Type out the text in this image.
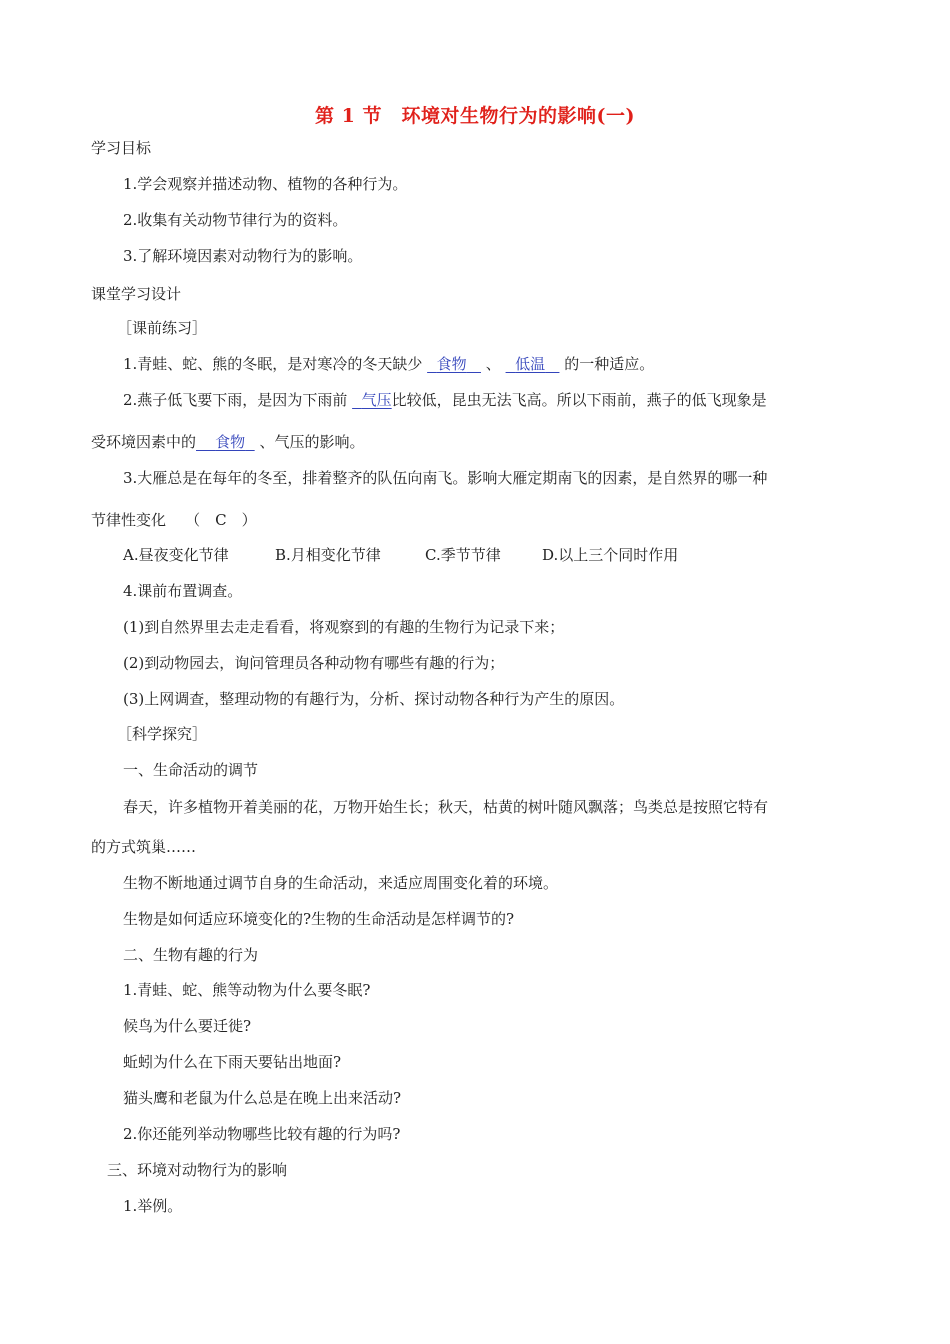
第 1 节　环境对生物行为的影响(一)
学习目标
1.学会观察并描述动物、植物的各种行为。
2.收集有关动物节律行为的资料。
3.了解环境因素对动物行为的影响。
课堂学习设计
［课前练习］
1.青蛙、蛇、熊的冬眠，是对寒冷的冬天缺少 食物 、 低温 的一种适应。
2.燕子低飞要下雨，是因为下雨前 气压比较低，昆虫无法飞高。所以下雨前，燕子的低飞现象是
受环境因素中的 食物 、气压的影响。
3.大雁总是在每年的冬至，排着整齐的队伍向南飞。影响大雁定期南飞的因素，是自然界的哪一种
节律性变化 （　C　）
A.昼夜变化节律	B.月相变化节律	C.季节节律	D.以上三个同时作用
4.课前布置调查。
(1)到自然界里去走走看看，将观察到的有趣的生物行为记录下来；
(2)到动物园去，询问管理员各种动物有哪些有趣的行为；
(3)上网调查，整理动物的有趣行为，分析、探讨动物各种行为产生的原因。
［科学探究］
一、生命活动的调节
春天，许多植物开着美丽的花，万物开始生长；秋天，枯黄的树叶随风飘落；鸟类总是按照它特有
的方式筑巢……
生物不断地通过调节自身的生命活动，来适应周围变化着的环境。
生物是如何适应环境变化的?生物的生命活动是怎样调节的?
二、生物有趣的行为
1.青蛙、蛇、熊等动物为什么要冬眠?
候鸟为什么要迁徙?
蚯蚓为什么在下雨天要钻出地面?
猫头鹰和老鼠为什么总是在晚上出来活动?
2.你还能列举动物哪些比较有趣的行为吗?
三、环境对动物行为的影响
1.举例。
